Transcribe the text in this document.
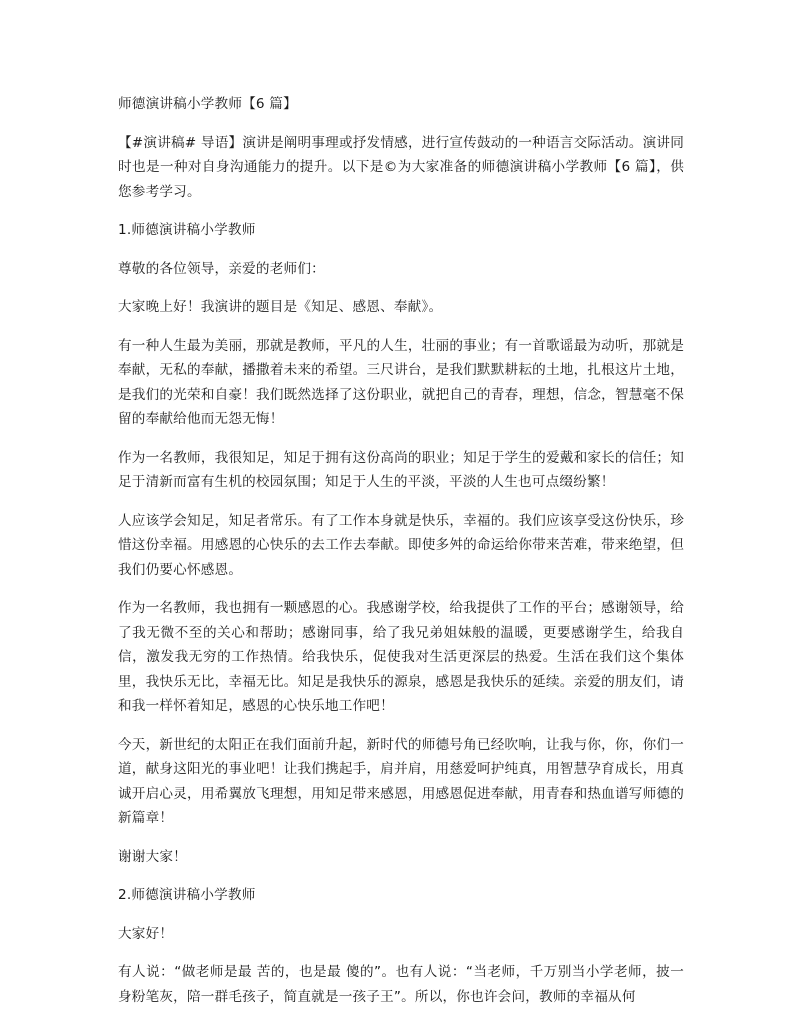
师德演讲稿小学教师【6 篇】

【#演讲稿# 导语】演讲是阐明事理或抒发情感，进行宣传鼓动的一种语言交际活动。演讲同时也是一种对自身沟通能力的提升。以下是©为大家准备的师德演讲稿小学教师【6 篇】，供您参考学习。

1.师德演讲稿小学教师

尊敬的各位领导，亲爱的老师们：

大家晚上好！我演讲的题目是《知足、感恩、奉献》。

有一种人生最为美丽，那就是教师，平凡的人生，壮丽的事业；有一首歌谣最为动听，那就是奉献，无私的奉献，播撒着未来的希望。三尺讲台，是我们默默耕耘的土地，扎根这片土地，是我们的光荣和自豪！我们既然选择了这份职业，就把自己的青春，理想，信念，智慧毫不保留的奉献给他而无怨无悔！

作为一名教师，我很知足，知足于拥有这份高尚的职业；知足于学生的爱戴和家长的信任；知足于清新而富有生机的校园氛围；知足于人生的平淡，平淡的人生也可点缀纷繁！

人应该学会知足，知足者常乐。有了工作本身就是快乐，幸福的。我们应该享受这份快乐，珍惜这份幸福。用感恩的心快乐的去工作去奉献。即使多舛的命运给你带来苦难，带来绝望，但我们仍要心怀感恩。

作为一名教师，我也拥有一颗感恩的心。我感谢学校，给我提供了工作的平台；感谢领导，给了我无微不至的关心和帮助；感谢同事，给了我兄弟姐妹般的温暖，更要感谢学生，给我自信，激发我无穷的工作热情。给我快乐，促使我对生活更深层的热爱。生活在我们这个集体里，我快乐无比，幸福无比。知足是我快乐的源泉，感恩是我快乐的延续。亲爱的朋友们，请和我一样怀着知足，感恩的心快乐地工作吧！

今天，新世纪的太阳正在我们面前升起，新时代的师德号角已经吹响，让我与你，你，你们一道，献身这阳光的事业吧！让我们携起手，肩并肩，用慈爱呵护纯真，用智慧孕育成长，用真诚开启心灵，用希翼放飞理想，用知足带来感恩，用感恩促进奉献，用青春和热血谱写师德的新篇章！

谢谢大家！

2.师德演讲稿小学教师

大家好！

有人说：“做老师是最 苦的，也是最 傻的”。也有人说：“当老师，千万别当小学老师，披一身粉笔灰，陪一群毛孩子，简直就是一孩子王”。所以，你也许会问，教师的幸福从何
